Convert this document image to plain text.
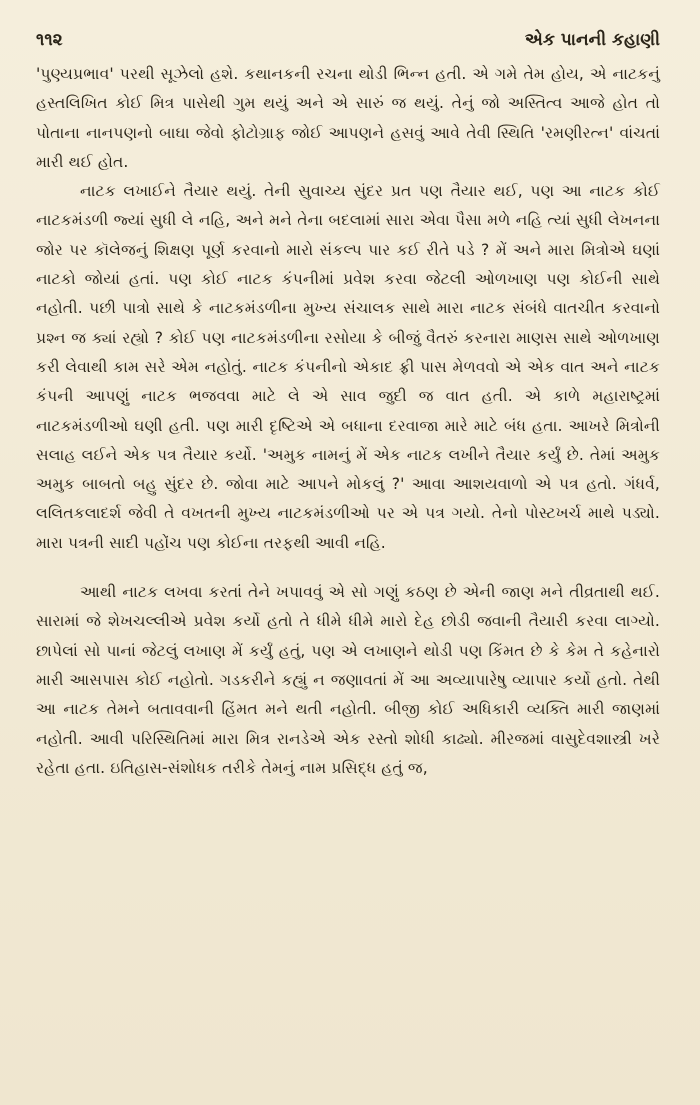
૧૧૨	એક પાનની કહાણી

'પુણ્યપ્રભાવ' પરથી સૂઝેલો હશે. કથાનકની રચના થોડી ભિન્ન હતી. એ ગમે તેમ હોય, એ નાટકનું હસ્તલિખિત કોઈ મિત્ર પાસેથી ગુમ થયું અને એ સારું જ થયું. તેનું જો અસ્તિત્વ આજે હોત તો પોતાના નાનપણનો બાઘા જેવો ફોટોગ્રાફ જોઈ આપણને હસવું આવે તેવી સ્થિતિ 'રમણીરત્ન' વાંચતાં મારી થઈ હોત.

નાટક લખાઈને તૈયાર થયું. તેની સુવાચ્ય સુંદર પ્રત પણ તૈયાર થઈ, પણ આ નાટક કોઈ નાટકમંડળી જ્યાં સુધી લે નહિ, અને મને તેના બદલામાં સારા એવા પૈસા મળે નહિ ત્યાં સુધી લેખનના જોર પર કૉલેજનું શિક્ષણ પૂર્ણ કરવાનો મારો સંકલ્પ પાર કઈ રીતે પડે ? મેં અને મારા મિત્રોએ ઘણાં નાટકો જોયાં હતાં. પણ કોઈ નાટક કંપનીમાં પ્રવેશ કરવા જેટલી ઓળખાણ પણ કોઈની સાથે નહોતી. પછી પાત્રો સાથે કે નાટકમંડળીના મુખ્ય સંચાલક સાથે મારા નાટક સંબંધે વાતચીત કરવાનો પ્રશ્ન જ ક્યાં રહ્યો ? કોઈ પણ નાટકમંડળીના રસોયા કે બીજું વૈતરું કરનારા માણસ સાથે ઓળખાણ કરી લેવાથી કામ સરે એમ નહોતું. નાટક કંપનીનો એકાદ ફ્રી પાસ મેળવવો એ એક વાત અને નાટક કંપની આપણું નાટક ભજવવા માટે લે એ સાવ જુદી જ વાત હતી. એ કાળે મહારાષ્ટ્રમાં નાટકમંડળીઓ ઘણી હતી. પણ મારી દૃષ્ટિએ એ બધાના દરવાજા મારે માટે બંધ હતા. આખરે મિત્રોની સલાહ લઈને એક પત્ર તૈયાર કર્યો. 'અમુક નામનું મેં એક નાટક લખીને તૈયાર કર્યું છે. તેમાં અમુક અમુક બાબતો બહુ સુંદર છે. જોવા માટે આપને મોકલું ?' આવા આશયવાળો એ પત્ર હતો. ગંધર્વ, લલિતકલાદર્શ જેવી તે વખતની મુખ્ય નાટકમંડળીઓ પર એ પત્ર ગયો. તેનો પોસ્ટખર્ચ માથે પડ્યો. મારા પત્રની સાદી પહોંચ પણ કોઈના તરફથી આવી નહિ.

આથી નાટક લખવા કરતાં તેને ખપાવવું એ સો ગણું કઠણ છે એની જાણ મને તીવ્રતાથી થઈ. સારામાં જે શેખચલ્લીએ પ્રવેશ કર્યો હતો તે ધીમે ધીમે મારો દેહ છોડી જવાની તૈયારી કરવા લાગ્યો. છાપેલાં સો પાનાં જેટલું લખાણ મેં કર્યું હતું, પણ એ લખાણને થોડી પણ કિંમત છે કે કેમ તે કહેનારો મારી આસપાસ કોઈ નહોતો. ગડકરીને કહ્યું ન જણાવતાં મેં આ અવ્યાપારેષુ વ્યાપાર કર્યો હતો. તેથી આ નાટક તેમને બતાવવાની હિંમત મને થતી નહોતી. બીજી કોઈ અધિકારી વ્યક્તિ મારી જાણમાં નહોતી. આવી પરિસ્થિતિમાં મારા મિત્ર રાનડેએ એક રસ્તો શોધી કાઢ્યો. મીરજમાં વાસુદેવશાસ્ત્રી ખરે રહેતા હતા. ઇતિહાસ-સંશોધક તરીકે તેમનું નામ પ્રસિદ્ધ હતું જ,
